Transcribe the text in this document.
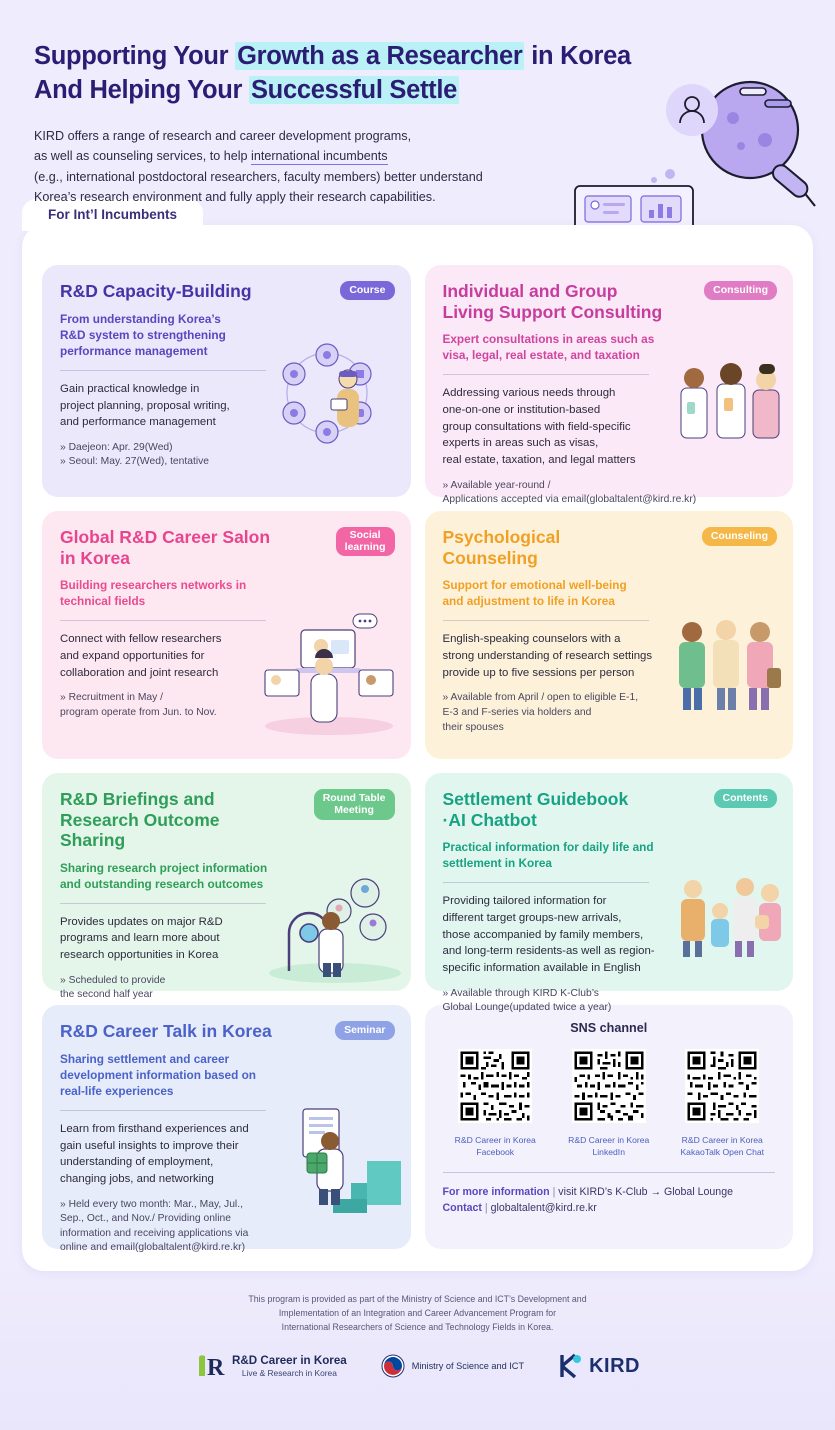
Supporting Your Growth as a Researcher in Korea
And Helping Your Successful Settle
KIRD offers a range of research and career development programs,
as well as counseling services, to help international incumbents
(e.g., international postdoctoral researchers, faculty members) better understand
Korea’s research environment and fully apply their research capabilities.
For Int’l Incumbents
Course
R&D Capacity-Building
From understanding Korea’s
R&D system to strengthening
performance management
Gain practical knowledge in
project planning, proposal writing,
and performance management
» Daejeon: Apr. 29(Wed)
» Seoul: May. 27(Wed), tentative
Consulting
Individual and Group
Living Support Consulting
Expert consultations in areas such as
visa, legal, real estate, and taxation
Addressing various needs through
one-on-one or institution-based
group consultations with field-specific
experts in areas such as visas,
real estate, taxation, and legal matters
» Available year-round /
Applications accepted via email(globaltalent@kird.re.kr)
Social
learning
Global R&D Career Salon
in Korea
Building researchers networks in
technical fields
Connect with fellow researchers
and expand opportunities for
collaboration and joint research
» Recruitment in May /
program operate from Jun. to Nov.
Counseling
Psychological
Counseling
Support for emotional well-being
and adjustment to life in Korea
English-speaking counselors with a
strong understanding of research settings
provide up to five sessions per person
» Available from April / open to eligible E-1,
E-3 and F-series via holders and
their spouses
Round Table
Meeting
R&D Briefings and
Research Outcome
Sharing
Sharing research project information
and outstanding research outcomes
Provides updates on major R&D
programs and learn more about
research opportunities in Korea
» Scheduled to provide
the second half year
Contents
Settlement Guidebook
·AI Chatbot
Practical information for daily life and
settlement in Korea
Providing tailored information for
different target groups-new arrivals,
those accompanied by family members,
and long-term residents-as well as region-
specific information available in English
» Available through KIRD K-Club’s
Global Lounge(updated twice a year)
Seminar
R&D Career Talk in Korea
Sharing settlement and career
development information based on
real-life experiences
Learn from firsthand experiences and
gain useful insights to improve their
understanding of employment,
changing jobs, and networking
» Held every two month: Mar., May, Jul.,
Sep., Oct., and Nov./ Providing online
information and receiving applications via
online and email(globaltalent@kird.re.kr)
SNS channel
R&D Career in Korea
Facebook
R&D Career in Korea
LinkedIn
R&D Career in Korea
KakaoTalk Open Chat
For more information | visit KIRD’s K-Club → Global Lounge
Contact | globaltalent@kird.re.kr
This program is provided as part of the Ministry of Science and ICT’s Development and
Implementation of an Integration and Career Advancement Program for
International Researchers of Science and Technology Fields in Korea.
R R&D Career in Korea
Live & Research in Korea
Ministry of Science and ICT	KIRD
